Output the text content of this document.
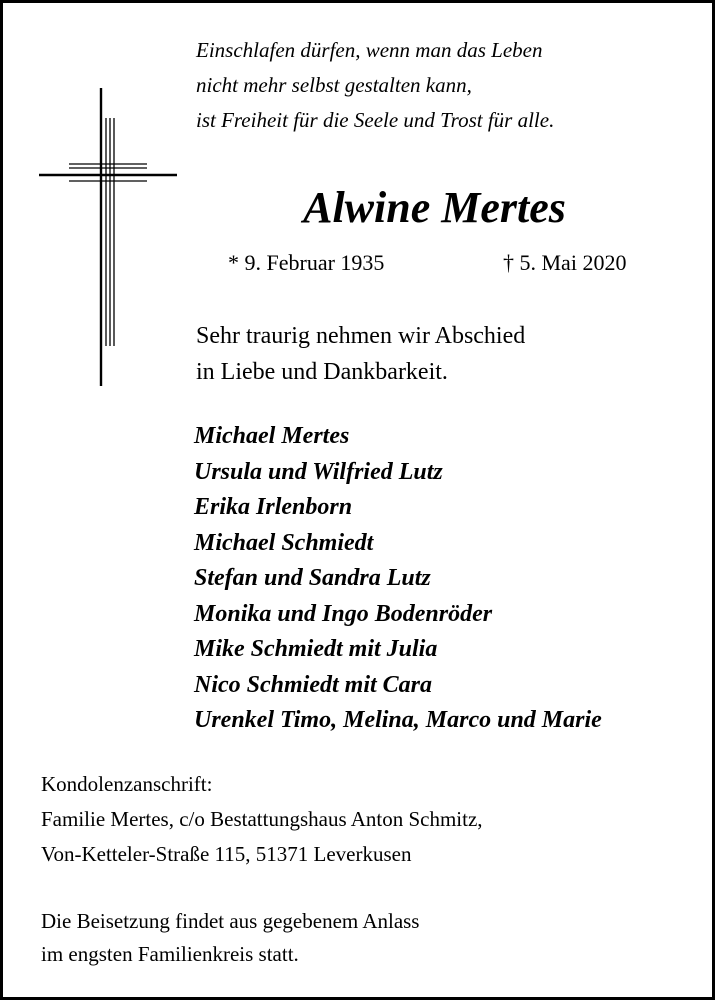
Einschlafen dürfen, wenn man das Leben
nicht mehr selbst gestalten kann,
ist Freiheit für die Seele und Trost für alle.
Alwine Mertes
* 9. Februar 1935	† 5. Mai 2020
Sehr traurig nehmen wir Abschied
in Liebe und Dankbarkeit.
Michael Mertes
Ursula und Wilfried Lutz
Erika Irlenborn
Michael Schmiedt
Stefan und Sandra Lutz
Monika und Ingo Bodenröder
Mike Schmiedt mit Julia
Nico Schmiedt mit Cara
Urenkel Timo, Melina, Marco und Marie
Kondolenzanschrift:
Familie Mertes, c/o Bestattungshaus Anton Schmitz,
Von-Ketteler-Straße 115, 51371 Leverkusen
Die Beisetzung findet aus gegebenem Anlass
im engsten Familienkreis statt.
